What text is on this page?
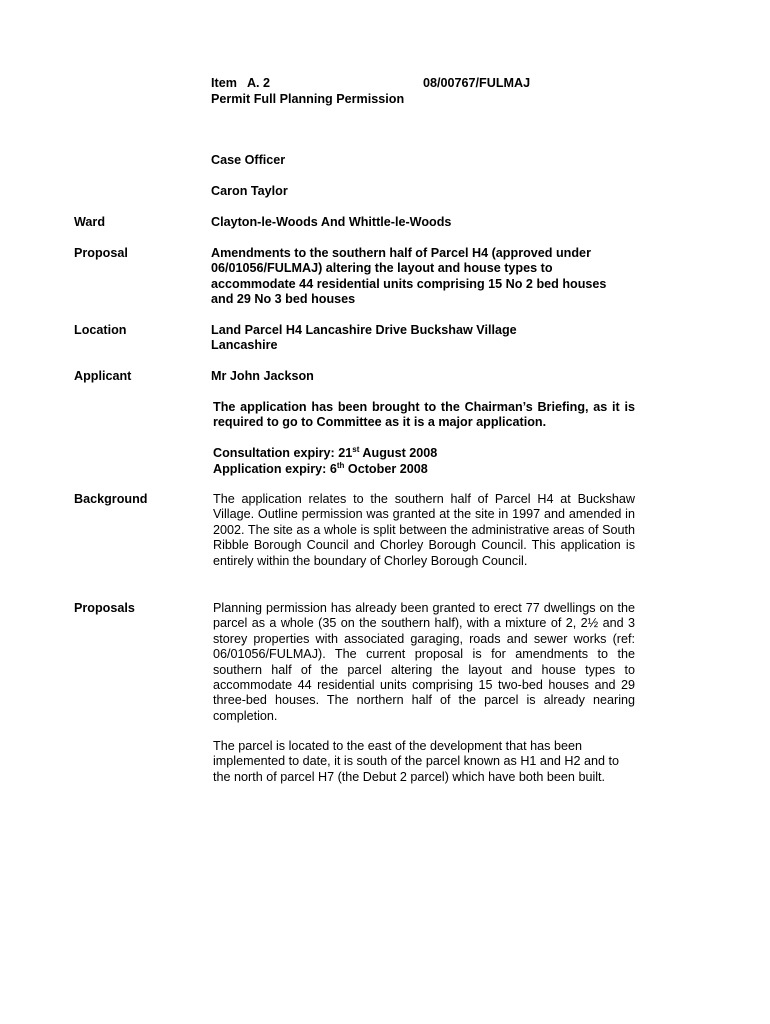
Item A. 2	08/00767/FULMAJ
Permit Full Planning Permission
Case Officer
Caron Taylor
Ward	Clayton-le-Woods And Whittle-le-Woods
Proposal	Amendments to the southern half of Parcel H4 (approved under 06/01056/FULMAJ) altering the layout and house types to accommodate 44 residential units comprising 15 No 2 bed houses and 29 No 3 bed houses
Location	Land Parcel H4 Lancashire Drive Buckshaw Village Lancashire
Applicant	Mr John Jackson
The application has been brought to the Chairman’s Briefing, as it is required to go to Committee as it is a major application.
Consultation expiry: 21st August 2008
Application expiry: 6th October 2008
Background	The application relates to the southern half of Parcel H4 at Buckshaw Village. Outline permission was granted at the site in 1997 and amended in 2002. The site as a whole is split between the administrative areas of South Ribble Borough Council and Chorley Borough Council. This application is entirely within the boundary of Chorley Borough Council.
Proposals	Planning permission has already been granted to erect 77 dwellings on the parcel as a whole (35 on the southern half), with a mixture of 2, 2½ and 3 storey properties with associated garaging, roads and sewer works (ref: 06/01056/FULMAJ). The current proposal is for amendments to the southern half of the parcel altering the layout and house types to accommodate 44 residential units comprising 15 two-bed houses and 29 three-bed houses. The northern half of the parcel is already nearing completion.
The parcel is located to the east of the development that has been implemented to date, it is south of the parcel known as H1 and H2 and to the north of parcel H7 (the Debut 2 parcel) which have both been built.
